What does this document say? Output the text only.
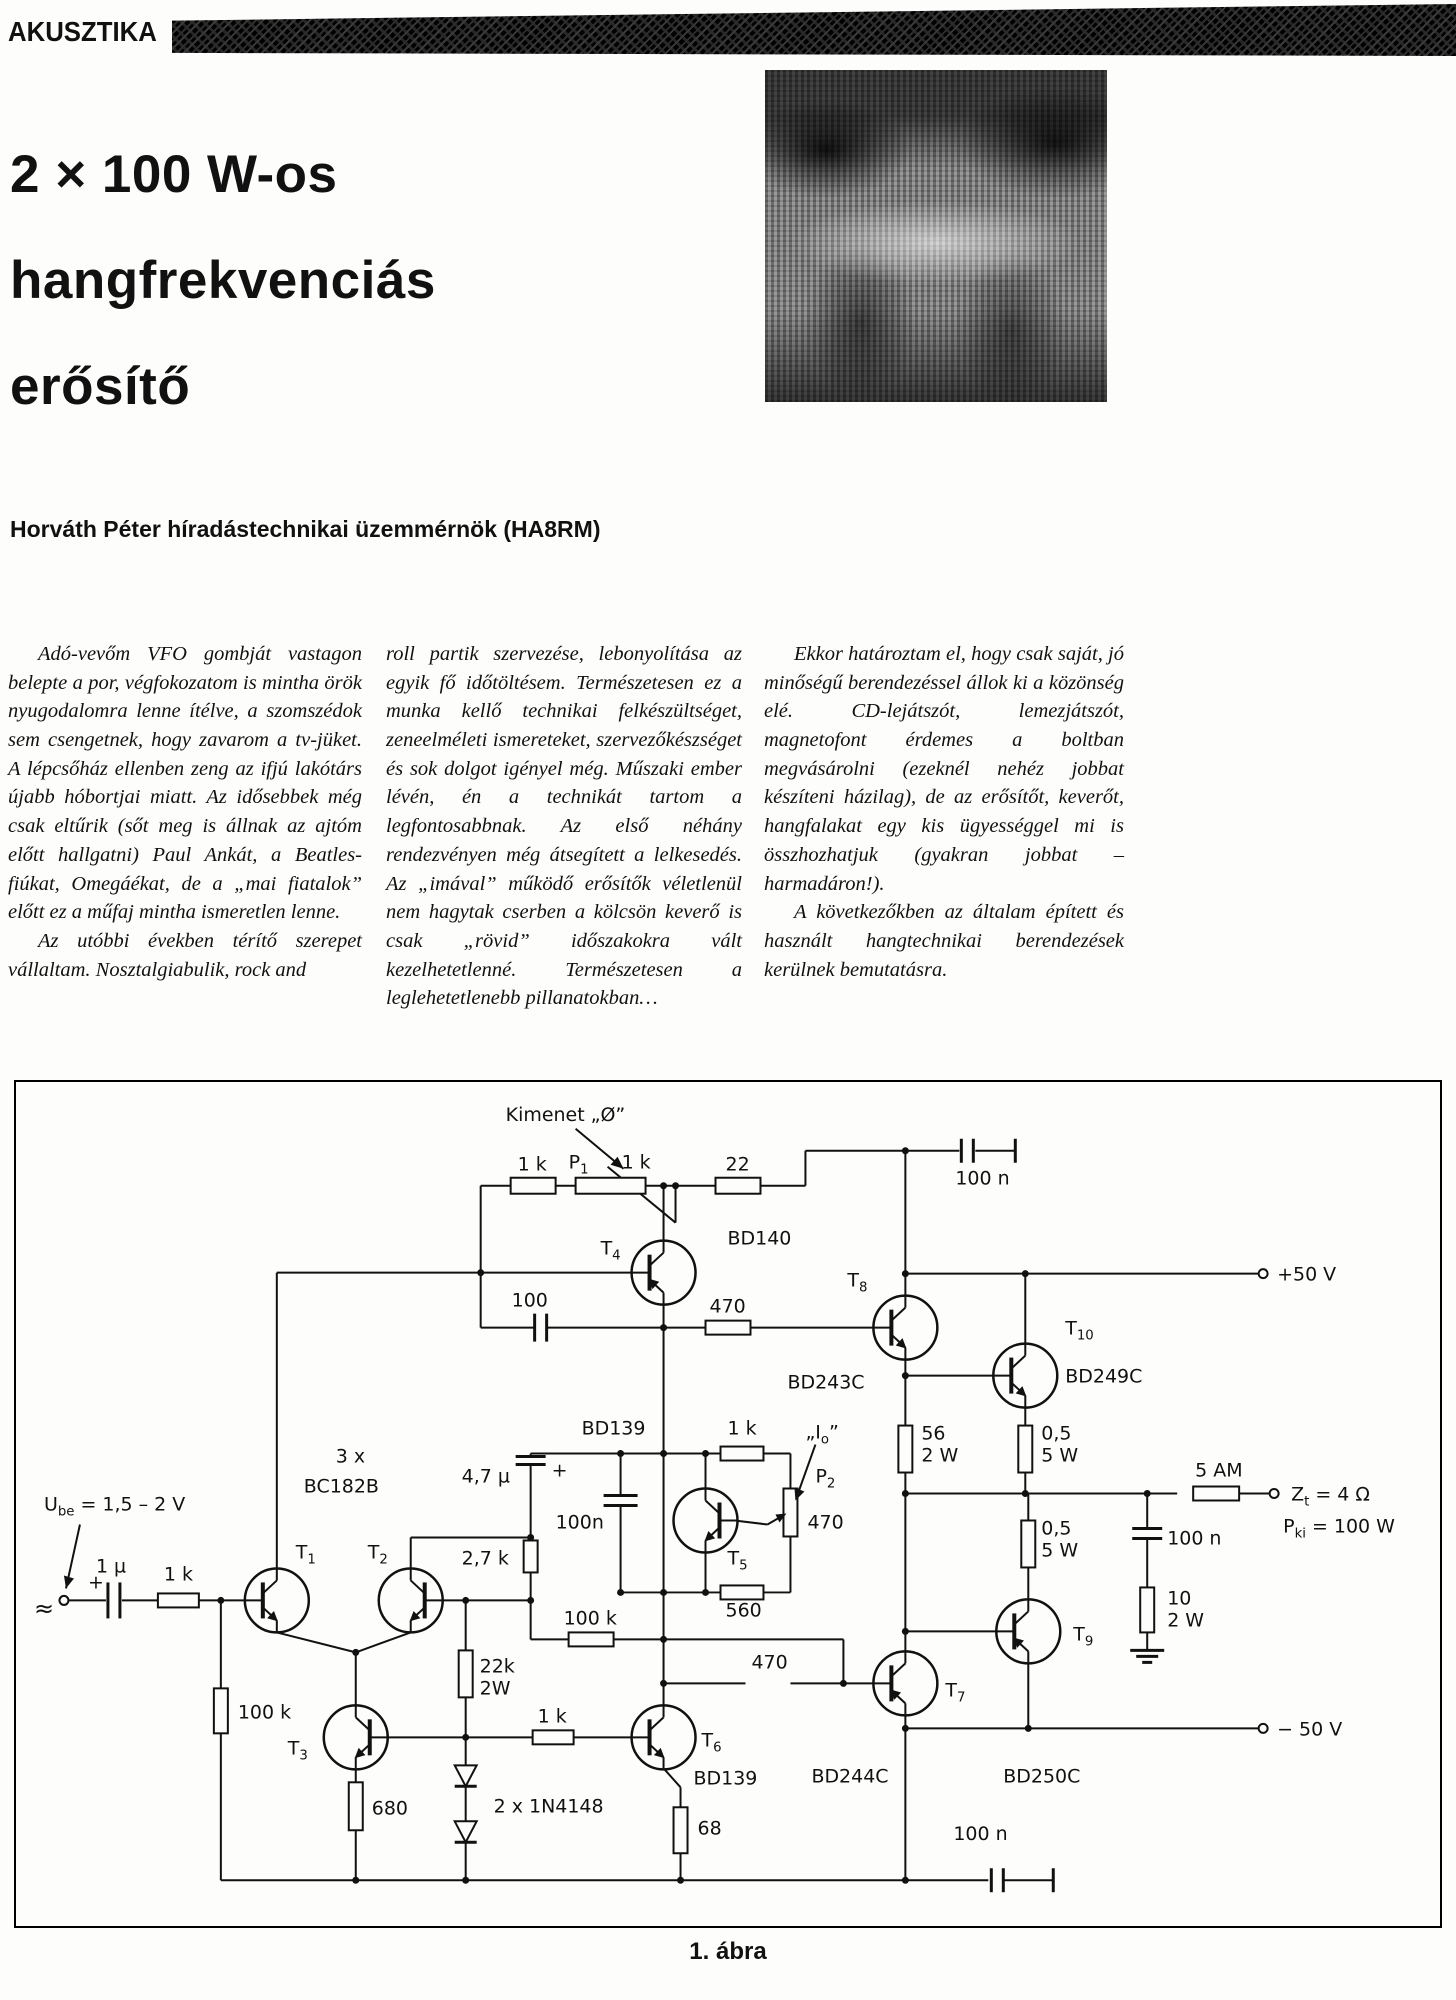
AKUSZTIKA
2 × 100 W-os
hangfrekvenciás
erősítő
Horváth Péter híradástechnikai üzemmérnök (HA8RM)

Adó-vevőm VFO gombját vastagon belepte a por, végfokozatom is mintha örök nyugodalomra lenne ítélve, a szomszédok sem csengetnek, hogy zavarom a tv-jüket. A lépcsőház ellenben zeng az ifjú lakótárs újabb hóbortjai miatt. Az idősebbek még csak eltűrik (sőt meg is állnak az ajtóm előtt hallgatni) Paul Ankát, a Beatles-fiúkat, Omegáékat, de a „mai fiatalok” előtt ez a műfaj mintha ismeretlen lenne.

Az utóbbi években térítő szerepet vállaltam. Nosztalgiabulik, rock and

roll partik szervezése, lebonyolítása az egyik fő időtöltésem. Természetesen ez a munka kellő technikai felkészültséget, zeneelméleti ismereteket, szervezőkészséget és sok dolgot igényel még. Műszaki ember lévén, én a technikát tartom a legfontosabbnak. Az első néhány rendezvényen még átsegített a lelkesedés. Az „imával” működő erősítők véletlenül nem hagytak cserben a kölcsön keverő is csak „rövid” időszakokra vált kezelhetetlenné. Természetesen a leglehetetlenebb pillanatokban…

Ekkor határoztam el, hogy csak saját, jó minőségű berendezéssel állok ki a közönség elé. CD-lejátszót, lemezjátszót, magnetofont érdemes a boltban megvásárolni (ezeknél nehéz jobbat készíteni házilag), de az erősítőt, keverőt, hangfalakat egy kis ügyességgel mi is összhozhatjuk (gyakran jobbat – harmadáron!).

A következőkben az általam épített és használt hangtechnikai berendezések kerülnek bemutatásra.

Kimenet „Ø”
1 k $P_1$ 1 k	22
100 n
$T_4$
BD140
100	470
$T_8$
BD243C
$T_{10}$
BD249C
+50 V
56
2 W
0,5
5 W
BD139	1 k	$„I_o$”
$P_2$
470
100n
$T_5$
560
4,7 µ +
2,7 k
3 x
BC182B
$T_1$	$T_2$
$U_{be} = 1,5 - 2$ V
1 µ
+	1 k
≈
100 k
100 k
22k
2W
1 k
$T_3$
680	2 x 1N4148
$T_6$
BD139
68
470
$T_7$
BD244C	BD250C
$T_9$
− 50 V
0,5
5 W
5 AM
$Z_t = 4$ Ω
$P_{ki} = 100$ W
100 n
10
2 W
100 n
1. ábra
